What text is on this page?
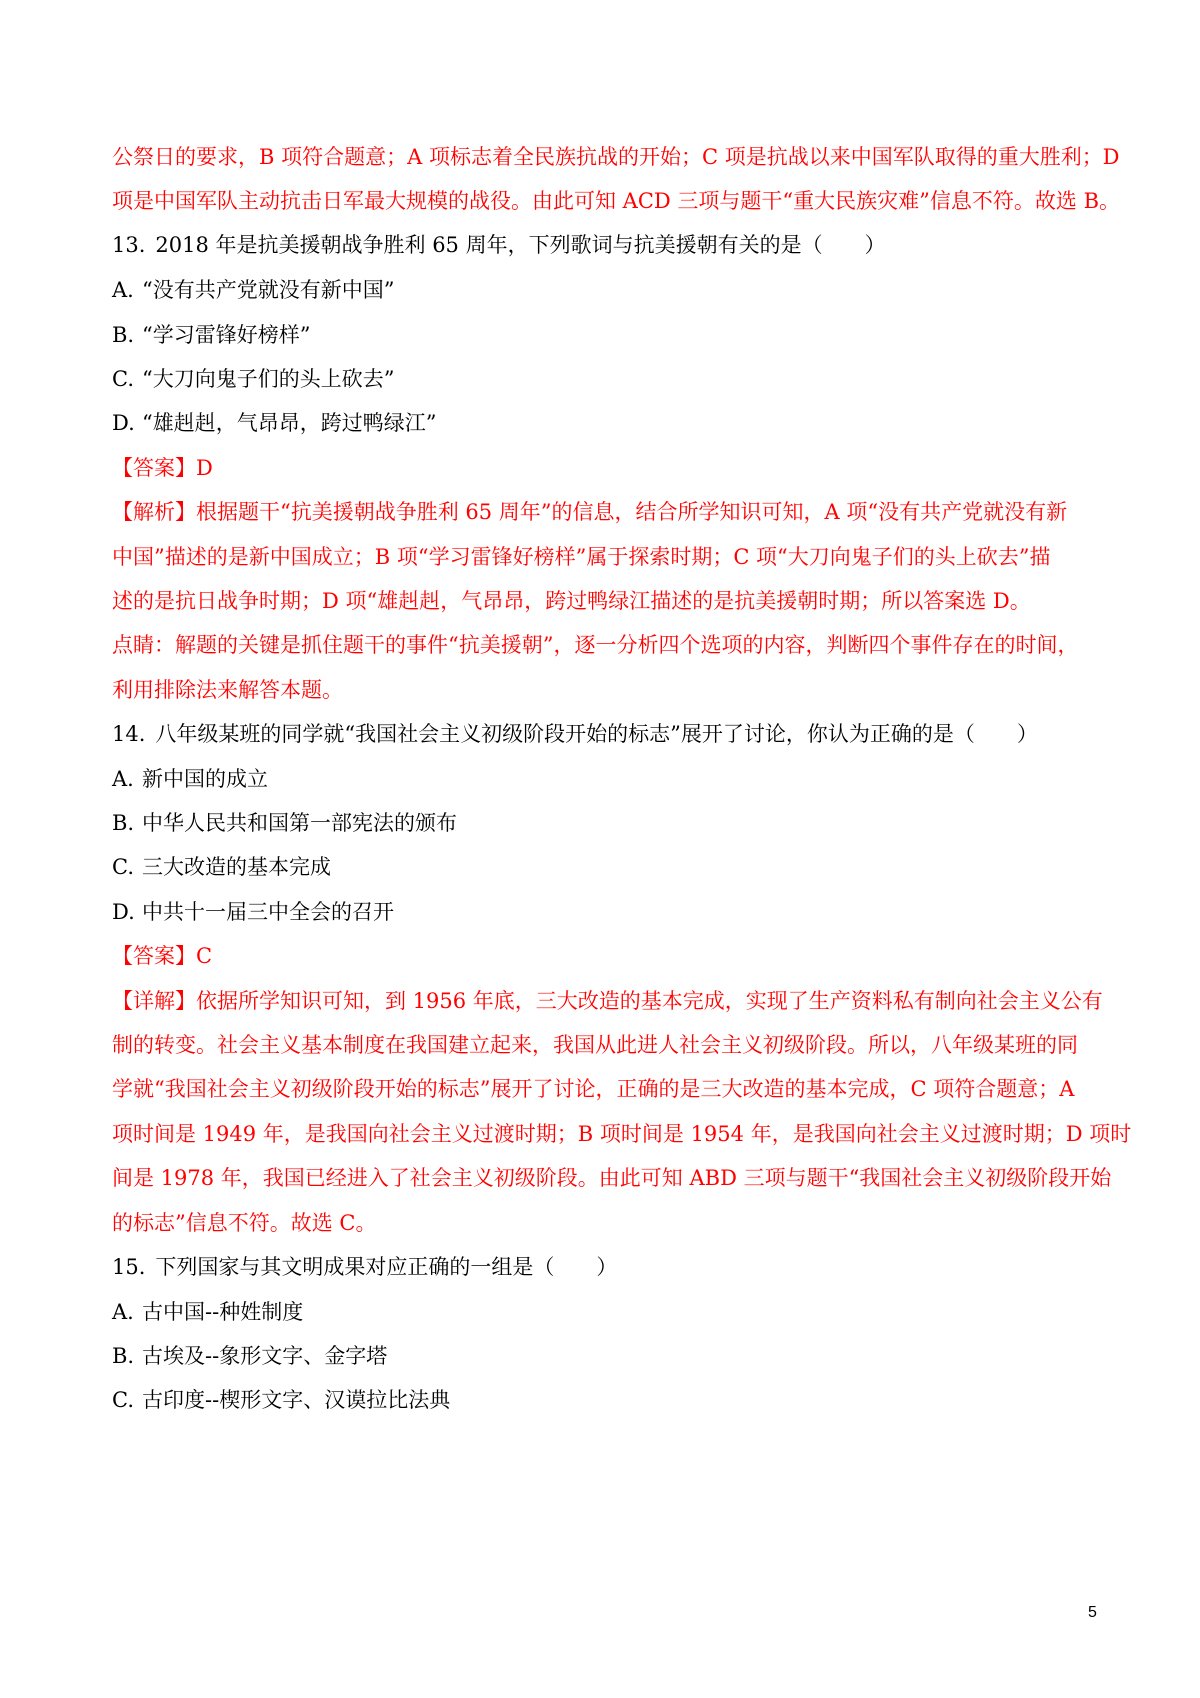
公祭日的要求，B 项符合题意；A 项标志着全民族抗战的开始；C 项是抗战以来中国军队取得的重大胜利；D
项是中国军队主动抗击日军最大规模的战役。由此可知 ACD 三项与题干“重大民族灾难”信息不符。故选 B。
13. 2018 年是抗美援朝战争胜利 65 周年，下列歌词与抗美援朝有关的是（　　）
A. “没有共产党就没有新中国”
B. “学习雷锋好榜样”
C. “大刀向鬼子们的头上砍去”
D. “雄赳赳，气昂昂，跨过鸭绿江”
【答案】D
【解析】根据题干“抗美援朝战争胜利 65 周年”的信息，结合所学知识可知，A 项“没有共产党就没有新
中国”描述的是新中国成立；B 项“学习雷锋好榜样”属于探索时期；C 项“大刀向鬼子们的头上砍去”描
述的是抗日战争时期；D 项“雄赳赳，气昂昂，跨过鸭绿江描述的是抗美援朝时期；所以答案选 D。
点睛：解题的关键是抓住题干的事件“抗美援朝”，逐一分析四个选项的内容，判断四个事件存在的时间，
利用排除法来解答本题。
14. 八年级某班的同学就“我国社会主义初级阶段开始的标志”展开了讨论，你认为正确的是（　　）
A. 新中国的成立
B. 中华人民共和国第一部宪法的颁布
C. 三大改造的基本完成
D. 中共十一届三中全会的召开
【答案】C
【详解】依据所学知识可知，到 1956 年底，三大改造的基本完成，实现了生产资料私有制向社会主义公有
制的转变。社会主义基本制度在我国建立起来，我国从此进人社会主义初级阶段。所以，八年级某班的同
学就“我国社会主义初级阶段开始的标志”展开了讨论，正确的是三大改造的基本完成，C 项符合题意；A
项时间是 1949 年，是我国向社会主义过渡时期；B 项时间是 1954 年，是我国向社会主义过渡时期；D 项时
间是 1978 年，我国已经进入了社会主义初级阶段。由此可知 ABD 三项与题干“我国社会主义初级阶段开始
的标志”信息不符。故选 C。
15. 下列国家与其文明成果对应正确的一组是（　　）
A. 古中国--种姓制度
B. 古埃及--象形文字、金字塔
C. 古印度--楔形文字、汉谟拉比法典
5
